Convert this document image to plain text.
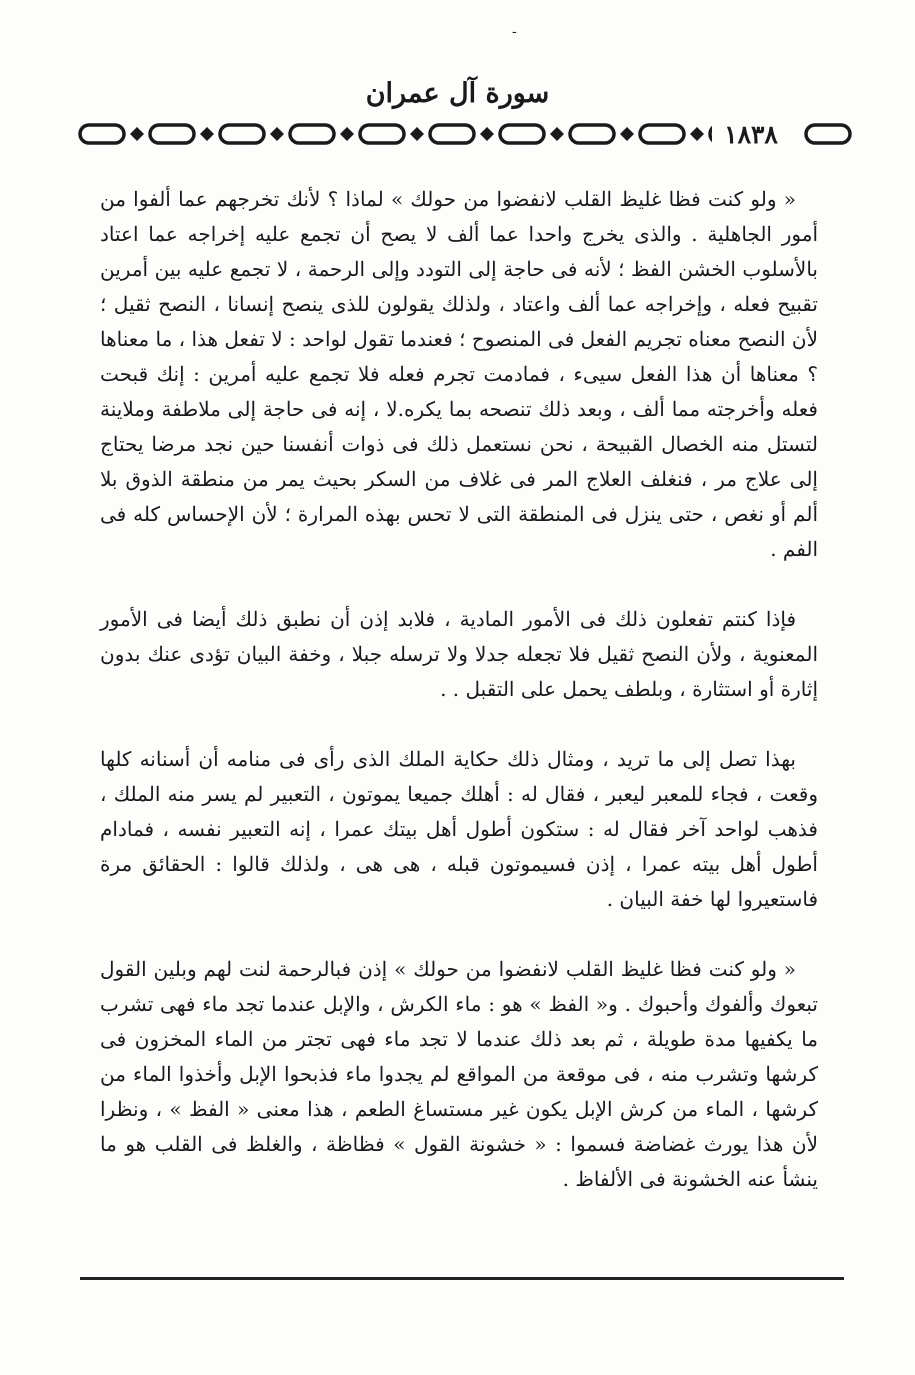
-
سورة آل عمران
١٨٣٨

« ولو كنت فظا غليظ القلب لانفضوا من حولك » لماذا ؟ لأنك تخرجهم عما ألفوا من أمور الجاهلية . والذى يخرج واحدا عما ألف لا يصح أن تجمع عليه إخراجه عما اعتاد بالأسلوب الخشن الفظ ؛ لأنه فى حاجة إلى التودد وإلى الرحمة ، لا تجمع عليه بين أمرين تقبيح فعله ، وإخراجه عما ألف واعتاد ، ولذلك يقولون للذى ينصح إنسانا ، النصح ثقيل ؛ لأن النصح معناه تجريم الفعل فى المنصوح ؛ فعندما تقول لواحد : لا تفعل هذا ، ما معناها ؟ معناها أن هذا الفعل سيىء ، فمادمت تجرم فعله فلا تجمع عليه أمرين : إنك قبحت فعله وأخرجته مما ألف ، وبعد ذلك تنصحه بما يكره.لا ، إنه فى حاجة إلى ملاطفة وملاينة لتستل منه الخصال القبيحة ، نحن نستعمل ذلك فى ذوات أنفسنا حين نجد مرضا يحتاج إلى علاج مر ، فنغلف العلاج المر فى غلاف من السكر بحيث يمر من منطقة الذوق بلا ألم أو نغص ، حتى ينزل فى المنطقة التى لا تحس بهذه المرارة ؛ لأن الإحساس كله فى الفم .

فإذا كنتم تفعلون ذلك فى الأمور المادية ، فلابد إذن أن نطبق ذلك أيضا فى الأمور المعنوية ، ولأن النصح ثقيل فلا تجعله جدلا ولا ترسله جبلا ، وخفة البيان تؤدى عنك بدون إثارة أو استثارة ، وبلطف يحمل على التقبل . .

بهذا تصل إلى ما تريد ، ومثال ذلك حكاية الملك الذى رأى فى منامه أن أسنانه كلها وقعت ، فجاء للمعبر ليعبر ، فقال له : أهلك جميعا يموتون ، التعبير لم يسر منه الملك ، فذهب لواحد آخر فقال له : ستكون أطول أهل بيتك عمرا ، إنه التعبير نفسه ، فمادام أطول أهل بيته عمرا ، إذن فسيموتون قبله ، هى هى ، ولذلك قالوا : الحقائق مرة فاستعيروا لها خفة البيان .

« ولو كنت فظا غليظ القلب لانفضوا من حولك » إذن فبالرحمة لنت لهم وبلين القول تبعوك وألفوك وأحبوك . و« الفظ » هو : ماء الكرش ، والإبل عندما تجد ماء فهى تشرب ما يكفيها مدة طويلة ، ثم بعد ذلك عندما لا تجد ماء فهى تجتر من الماء المخزون فى كرشها وتشرب منه ، فى موقعة من المواقع لم يجدوا ماء فذبحوا الإبل وأخذوا الماء من كرشها ، الماء من كرش الإبل يكون غير مستساغ الطعم ، هذا معنى « الفظ » ، ونظرا لأن هذا يورث غضاضة فسموا : « خشونة القول » فظاظة ، والغلظ فى القلب هو ما ينشأ عنه الخشونة فى الألفاظ .
